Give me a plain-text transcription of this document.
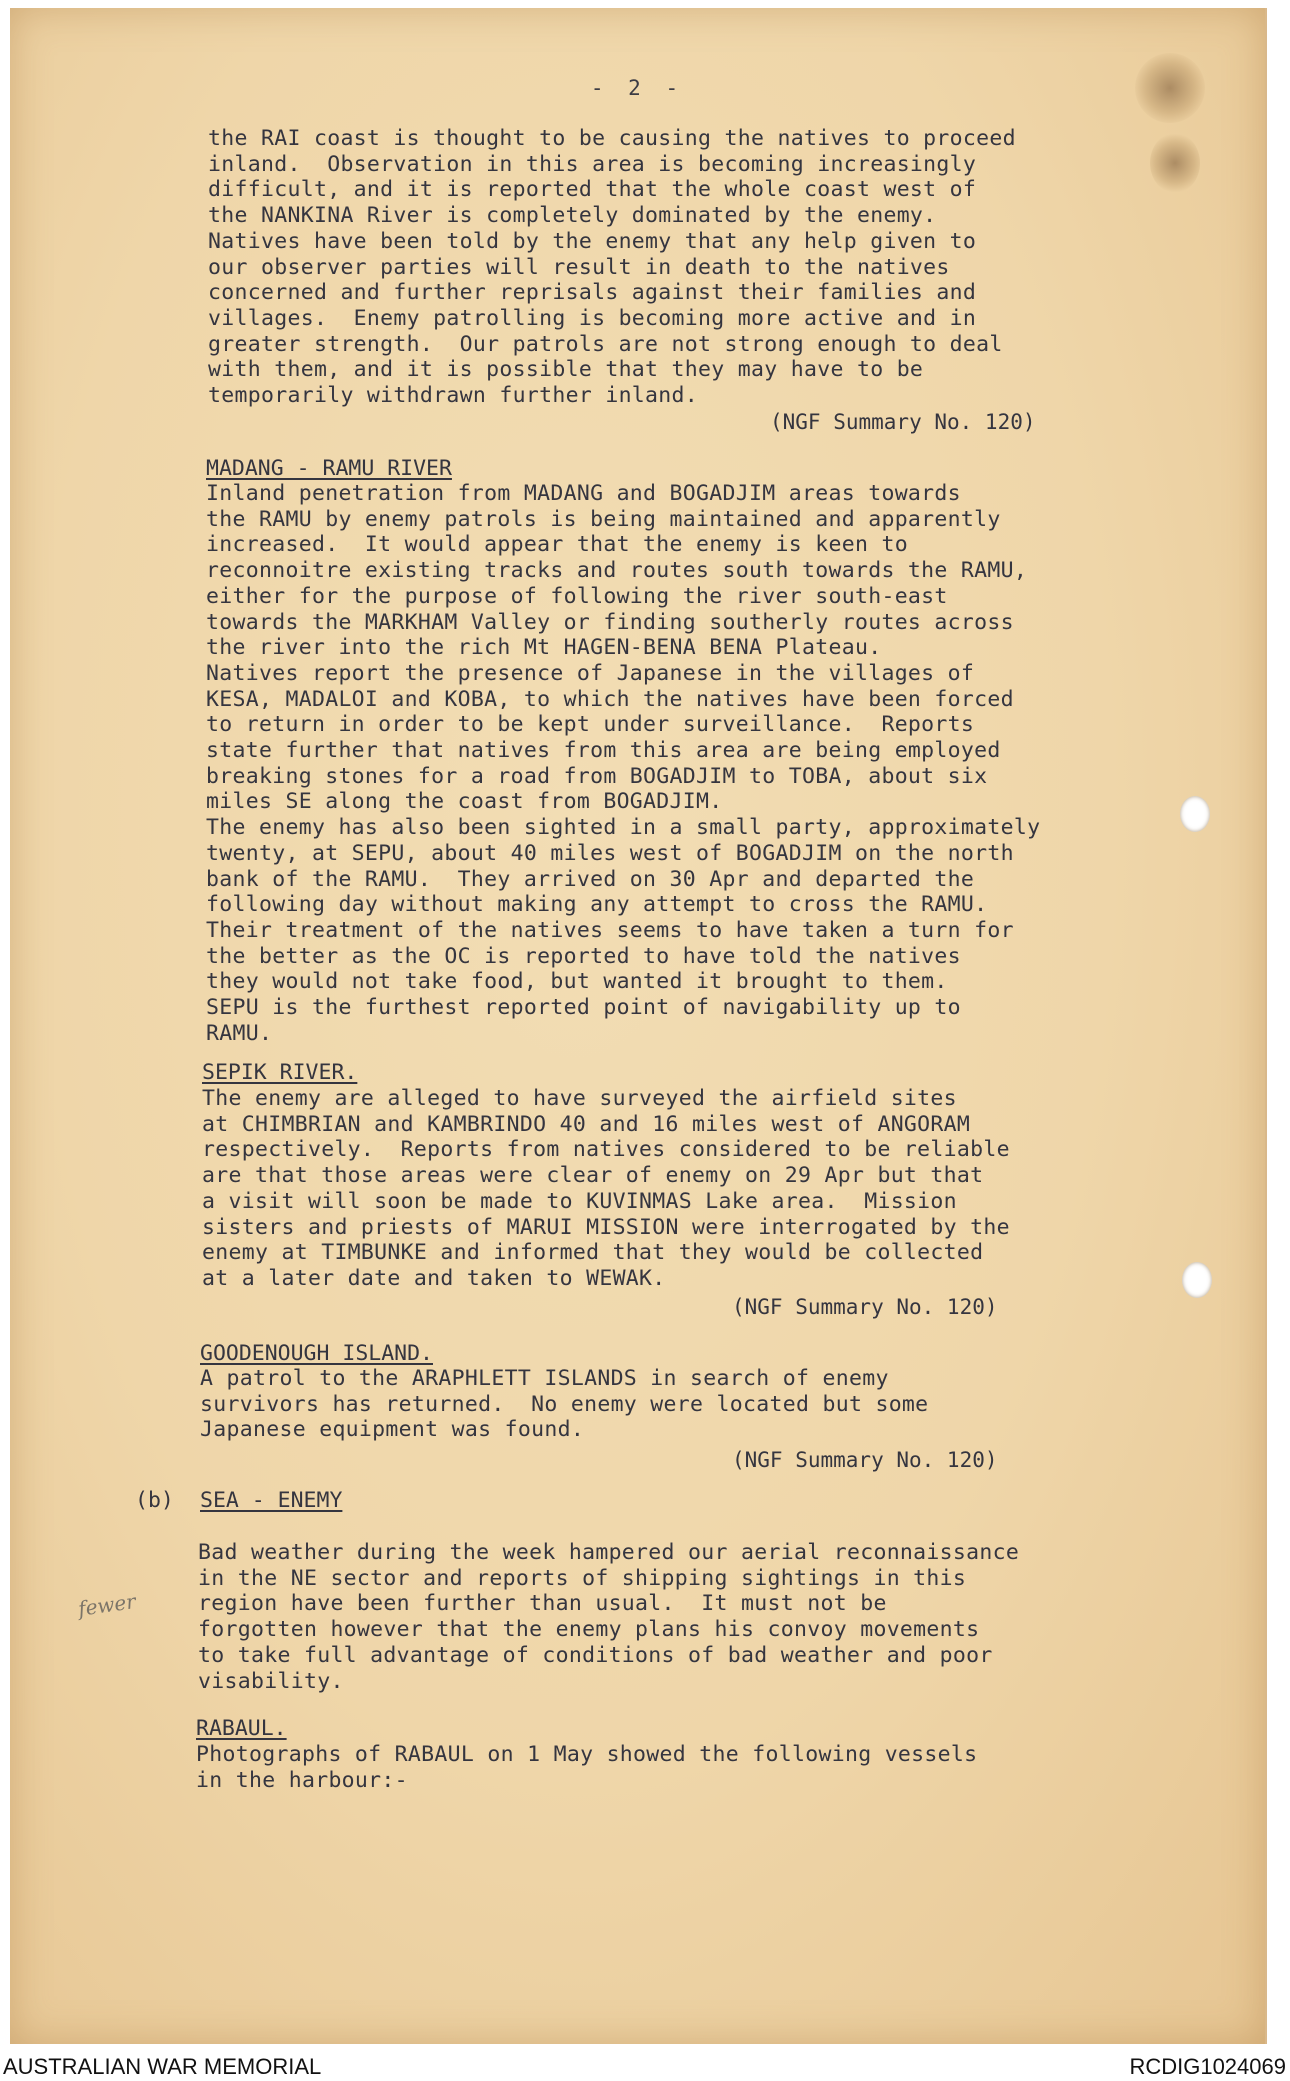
- 2 -
the RAI coast is thought to be causing the natives to proceed
inland.  Observation in this area is becoming increasingly
difficult, and it is reported that the whole coast west of
the NANKINA River is completely dominated by the enemy.
Natives have been told by the enemy that any help given to
our observer parties will result in death to the natives
concerned and further reprisals against their families and
villages.  Enemy patrolling is becoming more active and in
greater strength.  Our patrols are not strong enough to deal
with them, and it is possible that they may have to be
temporarily withdrawn further inland.
(NGF Summary No. 120)
MADANG - RAMU RIVER
Inland penetration from MADANG and BOGADJIM areas towards
the RAMU by enemy patrols is being maintained and apparently
increased.  It would appear that the enemy is keen to
reconnoitre existing tracks and routes south towards the RAMU,
either for the purpose of following the river south-east
towards the MARKHAM Valley or finding southerly routes across
the river into the rich Mt HAGEN-BENA BENA Plateau.
Natives report the presence of Japanese in the villages of
KESA, MADALOI and KOBA, to which the natives have been forced
to return in order to be kept under surveillance.  Reports
state further that natives from this area are being employed
breaking stones for a road from BOGADJIM to TOBA, about six
miles SE along the coast from BOGADJIM.
The enemy has also been sighted in a small party, approximately
twenty, at SEPU, about 40 miles west of BOGADJIM on the north
bank of the RAMU.  They arrived on 30 Apr and departed the
following day without making any attempt to cross the RAMU.
Their treatment of the natives seems to have taken a turn for
the better as the OC is reported to have told the natives
they would not take food, but wanted it brought to them.
SEPU is the furthest reported point of navigability up to
RAMU.
SEPIK RIVER.
The enemy are alleged to have surveyed the airfield sites
at CHIMBRIAN and KAMBRINDO 40 and 16 miles west of ANGORAM
respectively.  Reports from natives considered to be reliable
are that those areas were clear of enemy on 29 Apr but that
a visit will soon be made to KUVINMAS Lake area.  Mission
sisters and priests of MARUI MISSION were interrogated by the
enemy at TIMBUNKE and informed that they would be collected
at a later date and taken to WEWAK.
(NGF Summary No. 120)
GOODENOUGH ISLAND.
A patrol to the ARAPHLETT ISLANDS in search of enemy
survivors has returned.  No enemy were located but some
Japanese equipment was found.
(NGF Summary No. 120)
(b) SEA - ENEMY
Bad weather during the week hampered our aerial reconnaissance
in the NE sector and reports of shipping sightings in this
region have been further than usual.  It must not be
forgotten however that the enemy plans his convoy movements
to take full advantage of conditions of bad weather and poor
visability.
RABAUL.
Photographs of RABAUL on 1 May showed the following vessels
in the harbour:-
fewer
AUSTRALIAN WAR MEMORIAL	RCDIG1024069
